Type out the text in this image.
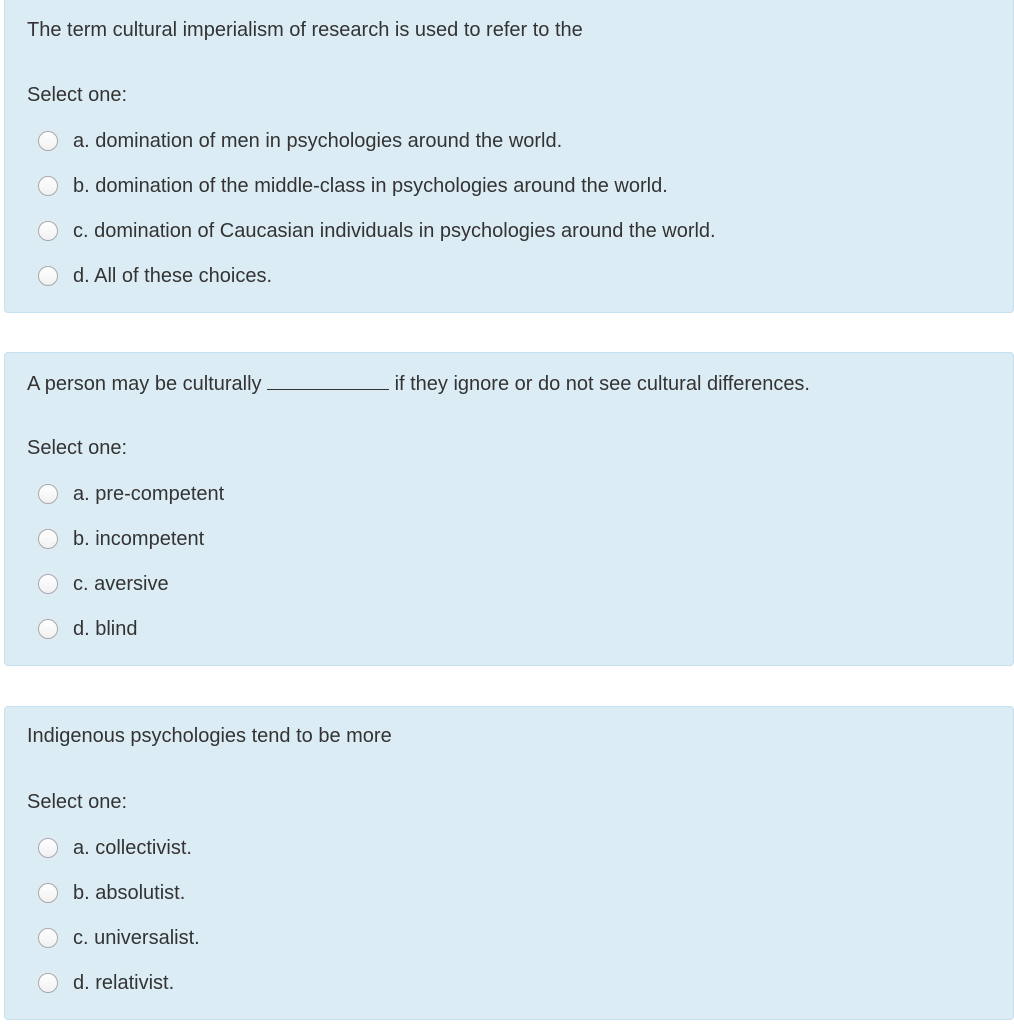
The term cultural imperialism of research is used to refer to the
Select one:
a. domination of men in psychologies around the world.
b. domination of the middle-class in psychologies around the world.
c. domination of Caucasian individuals in psychologies around the world.
d. All of these choices.
A person may be culturally	if they ignore or do not see cultural differences.
Select one:
a. pre-competent
b. incompetent
c. aversive
d. blind
Indigenous psychologies tend to be more
Select one:
a. collectivist.
b. absolutist.
c. universalist.
d. relativist.
